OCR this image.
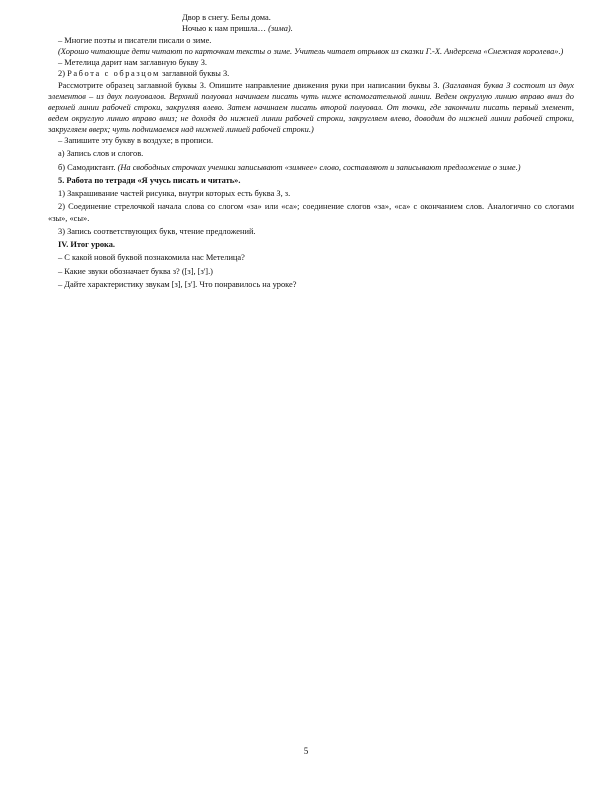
Двор в снегу. Белы дома.

Ночью к нам пришла… (зима).

– Многие поэты и писатели писали о зиме.

(Хорошо читающие дети читают по карточкам тексты о зиме. Учитель читает отрывок из сказки Г.-Х. Андерсена «Снежная королева».)

– Метелица дарит нам заглавную букву З.

2) Работа с образцом заглавной буквы З.

Рассмотрите образец заглавной буквы З. Опишите направление движения руки при написании буквы З. (Заглавная буква З состоит из двух элементов – из двух полуовалов. Верхний полуовал начинаем писать чуть ниже вспомогательной линии. Ведем округлую линию вправо вниз до верхней линии рабочей строки, закругляя влево. Затем начинаем писать второй полуовал. От точки, где закончили писать первый элемент, ведем округлую линию вправо вниз; не доходя до нижней линии рабочей строки, закругляем влево, доводим до нижней линии рабочей строки, закругляем вверх; чуть поднимаемся над нижней линией рабочей строки.)

– Запишите эту букву в воздухе; в прописи.

а) Запись слов и слогов.

б) Самодиктант. (На свободных строчках ученики записывают «зимнее» слово, составляют и записывают предложение о зиме.)

5. Работа по тетради «Я учусь писать и читать».

1) Закрашивание частей рисунка, внутри которых есть буква З, з.

2) Соединение стрелочкой начала слова со слогом «за» или «са»; соединение слогов «за», «са» с окончанием слов. Аналогично со слогами «зы», «сы».

3) Запись соответствующих букв, чтение предложений.

IV. Итог урока.

– С какой новой буквой познакомила нас Метелица?

– Какие звуки обозначает буква з? ([з], [з'].)

– Дайте характеристику звукам [з], [з']. Что понравилось на уроке?

5
